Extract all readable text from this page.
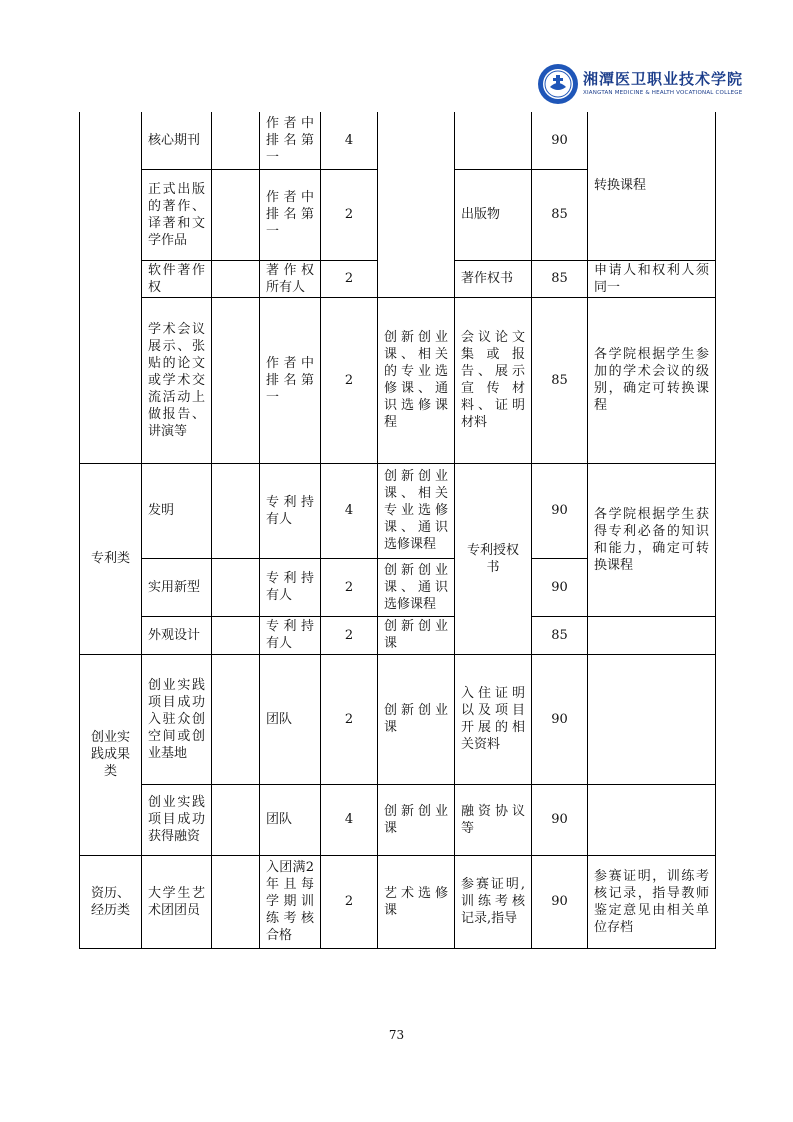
湘潭医卫职业技术学院
XIANGTAN MEDICINE & HEALTH VOCATIONAL COLLEGE
	核心期刊		作者中排名第一	4			90	转换课程
	正式出版的著作、译著和文学作品		作者中排名第一	2		出版物	85	
	软件著作权		著作权所有人	2		著作权书	85	申请人和权利人须同一
	学术会议展示、张贴的论文或学术交流活动上做报告、讲演等		作者中排名第一	2	创新创业课、相关的专业选修课、通识选修课程	会议论文集或报告、展示宣传材料、证明材料	85	各学院根据学生参加的学术会议的级别，确定可转换课程
专利类	发明		专利持有人	4	创新创业课、相关专业选修课、通识选修课程	专利授权书	90	各学院根据学生获得专利必备的知识和能力，确定可转换课程
	实用新型		专利持有人	2	创新创业课、通识选修课程		90	
	外观设计		专利持有人	2	创新创业课		85	
创业实践成果类	创业实践项目成功入驻众创空间或创业基地		团队	2	创新创业课	入住证明以及项目开展的相关资料	90	
	创业实践项目成功获得融资		团队	4	创新创业课	融资协议等	90	
资历、经历类	大学生艺术团团员		入团满2年且每学期训练考核合格	2	艺术选修课	参赛证明,训练考核记录,指导	90	参赛证明，训练考核记录，指导教师鉴定意见由相关单位存档
73
